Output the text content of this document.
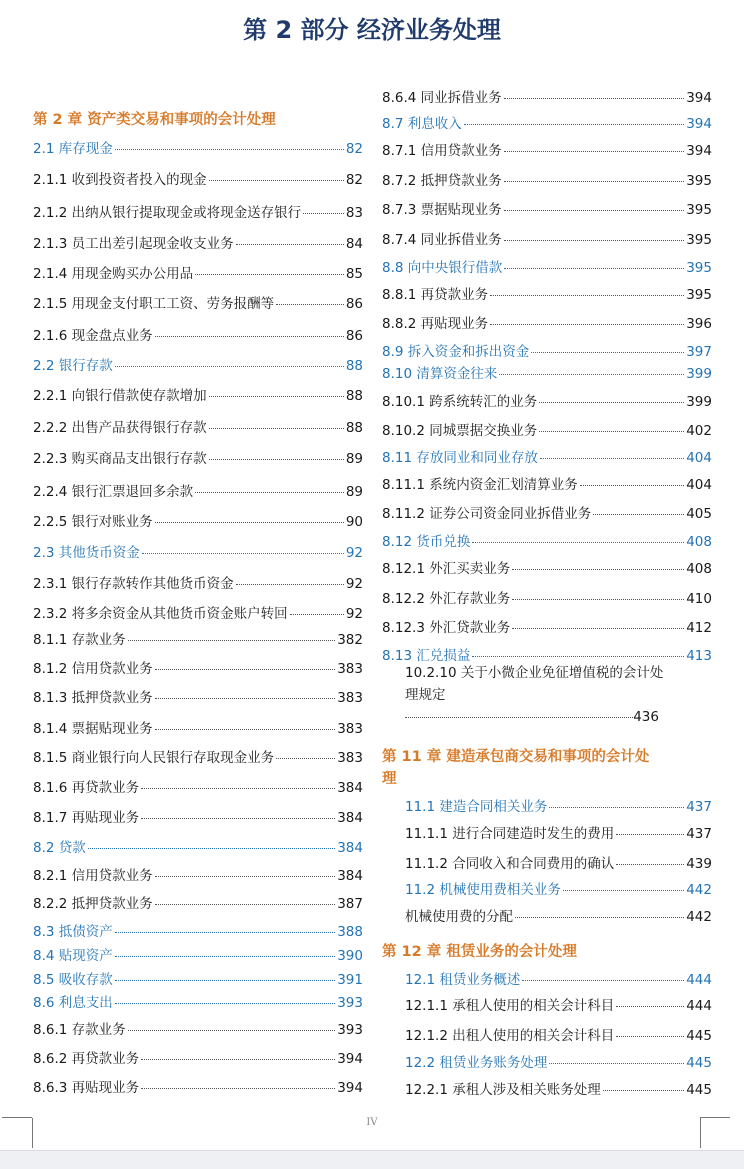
第 2 部分 经济业务处理
第 2 章 资产类交易和事项的会计处理
2.1 库存现金	82
2.1.1 收到投资者投入的现金	82
2.1.2 出纳从银行提取现金或将现金送存银行	83
2.1.3 员工出差引起现金收支业务	84
2.1.4 用现金购买办公用品	85
2.1.5 用现金支付职工工资、劳务报酬等	86
2.1.6 现金盘点业务	86
2.2 银行存款	88
2.2.1 向银行借款使存款增加	88
2.2.2 出售产品获得银行存款	88
2.2.3 购买商品支出银行存款	89
2.2.4 银行汇票退回多余款	89
2.2.5 银行对账业务	90
2.3 其他货币资金	92
2.3.1 银行存款转作其他货币资金	92
2.3.2 将多余资金从其他货币资金账户转回	92
8.1.1 存款业务	382
8.1.2 信用贷款业务	383
8.1.3 抵押贷款业务	383
8.1.4 票据贴现业务	383
8.1.5 商业银行向人民银行存取现金业务	383
8.1.6 再贷款业务	384
8.1.7 再贴现业务	384
8.2 贷款	384
8.2.1 信用贷款业务	384
8.2.2 抵押贷款业务	387
8.3 抵债资产	388
8.4 贴现资产	390
8.5 吸收存款	391
8.6 利息支出	393
8.6.1 存款业务	393
8.6.2 再贷款业务	394
8.6.3 再贴现业务	394
8.6.4 同业拆借业务	394
8.7 利息收入	394
8.7.1 信用贷款业务	394
8.7.2 抵押贷款业务	395
8.7.3 票据贴现业务	395
8.7.4 同业拆借业务	395
8.8 向中央银行借款	395
8.8.1 再贷款业务	395
8.8.2 再贴现业务	396
8.9 拆入资金和拆出资金	397
8.10 清算资金往来	399
8.10.1 跨系统转汇的业务	399
8.10.2 同城票据交换业务	402
8.11 存放同业和同业存放	404
8.11.1 系统内资金汇划清算业务	404
8.11.2 证券公司资金同业拆借业务	405
8.12 货币兑换	408
8.12.1 外汇买卖业务	408
8.12.2 外汇存款业务	410
8.12.3 外汇贷款业务	412
8.13 汇兑损益	413
10.2.10 关于小微企业免征增值税的会计处
理规定
436
第 11 章 建造承包商交易和事项的会计处
理
11.1 建造合同相关业务	437
11.1.1 进行合同建造时发生的费用	437
11.1.2 合同收入和合同费用的确认	439
11.2 机械使用费相关业务	442
机械使用费的分配	442
第 12 章 租赁业务的会计处理
12.1 租赁业务概述	444
12.1.1 承租人使用的相关会计科目	444
12.1.2 出租人使用的相关会计科目	445
12.2 租赁业务账务处理	445
12.2.1 承租人涉及相关账务处理	445
IV
